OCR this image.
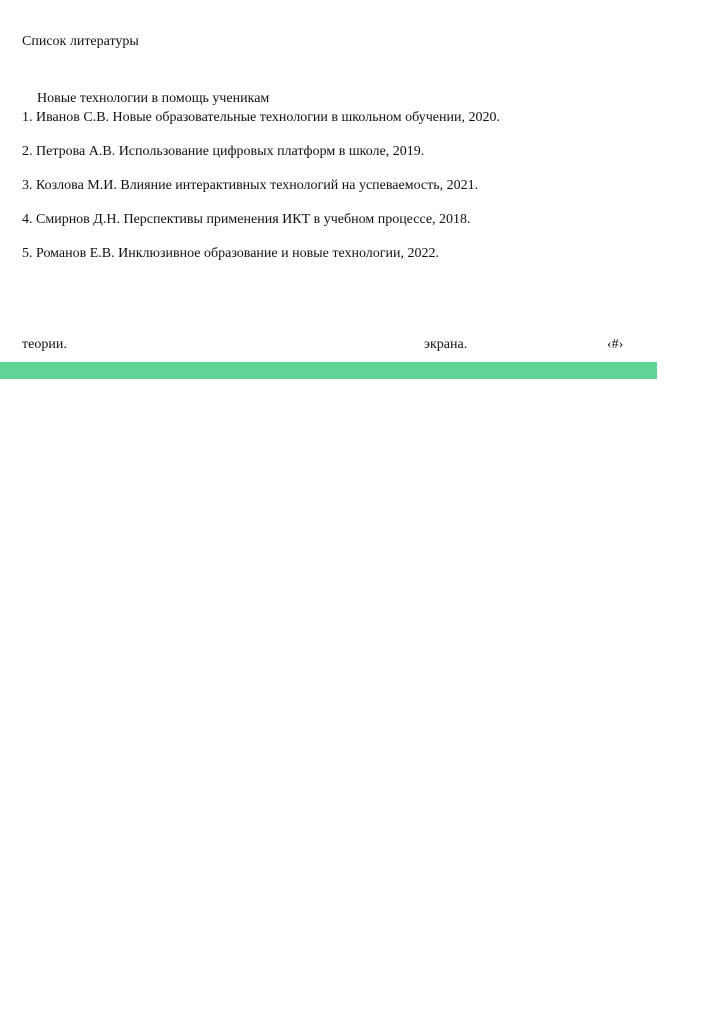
Список литературы
Новые технологии в помощь ученикам
1. Иванов С.В. Новые образовательные технологии в школьном обучении, 2020.
2. Петрова А.В. Использование цифровых платформ в школе, 2019.
3. Козлова М.И. Влияние интерактивных технологий на успеваемость, 2021.
4. Смирнов Д.Н. Перспективы применения ИКТ в учебном процессе, 2018.
5. Романов Е.В. Инклюзивное образование и новые технологии, 2022.
теории.	экрана.	‹#›
